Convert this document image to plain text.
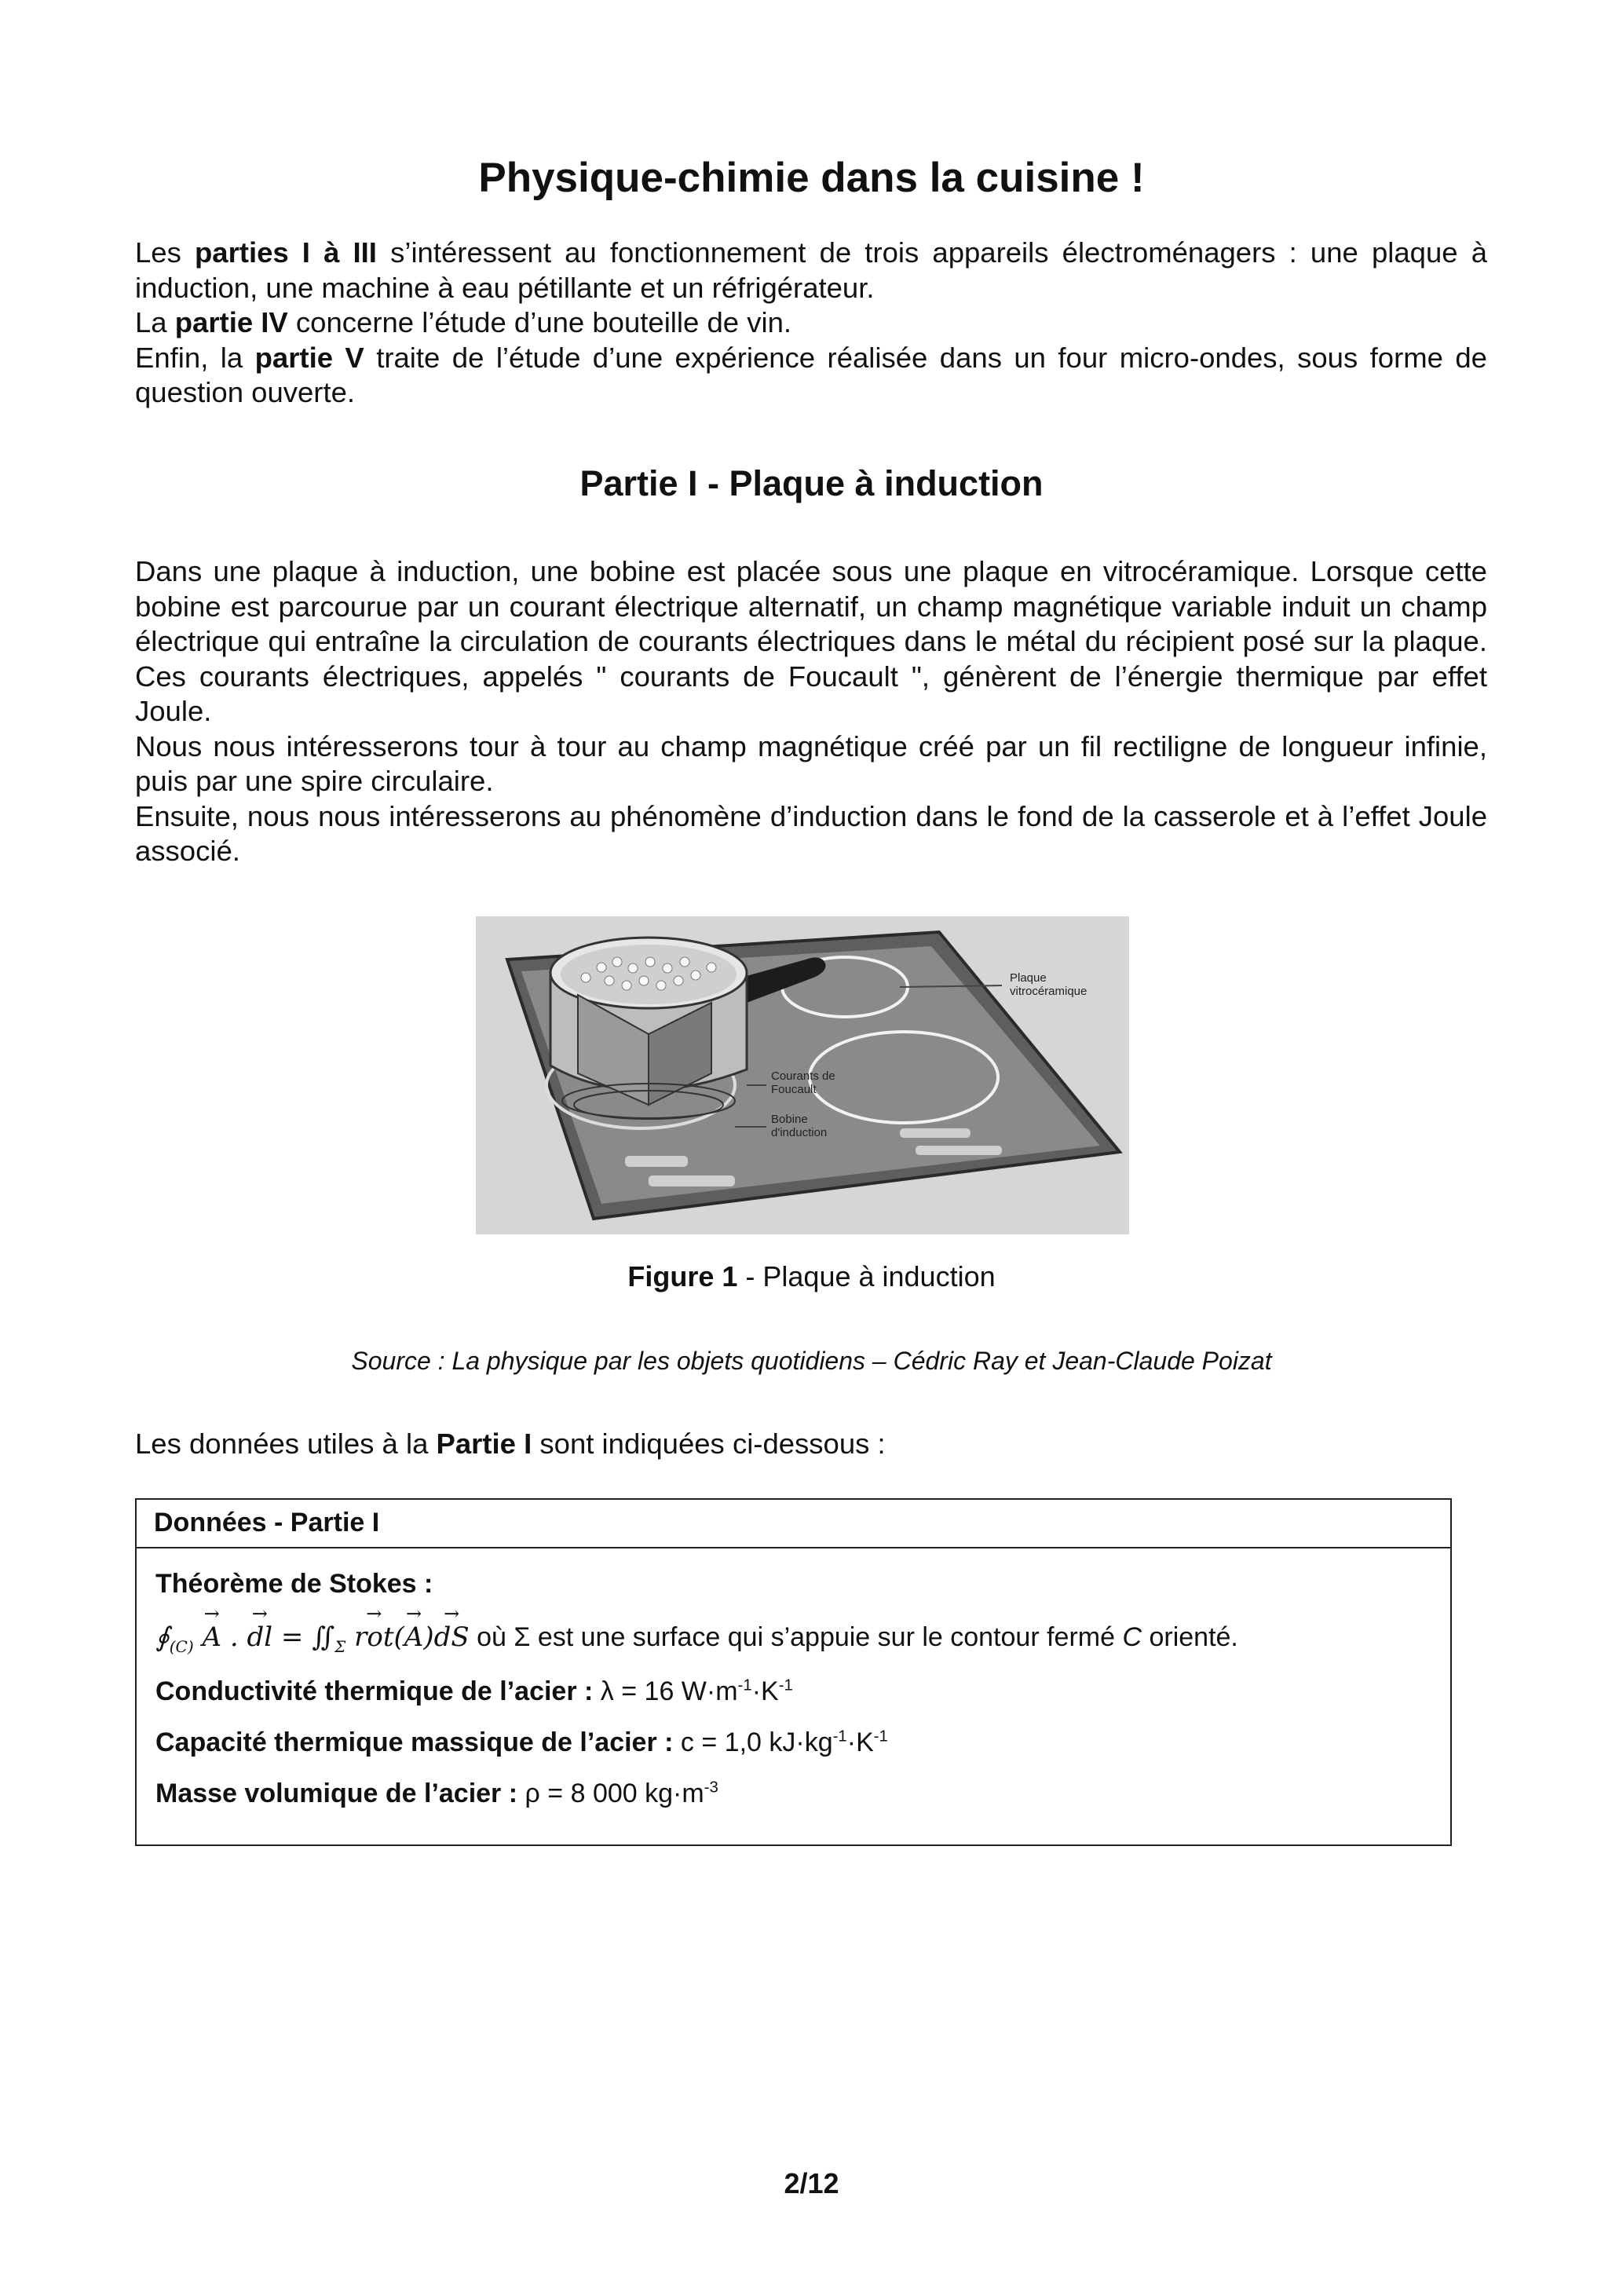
Physique-chimie dans la cuisine !

Les parties I à III s’intéressent au fonctionnement de trois appareils électroménagers : une plaque à induction, une machine à eau pétillante et un réfrigérateur.

La partie IV concerne l’étude d’une bouteille de vin.

Enfin, la partie V traite de l’étude d’une expérience réalisée dans un four micro-ondes, sous forme de question ouverte.

Partie I - Plaque à induction

Dans une plaque à induction, une bobine est placée sous une plaque en vitrocéramique. Lorsque cette bobine est parcourue par un courant électrique alternatif, un champ magnétique variable induit un champ électrique qui entraîne la circulation de courants électriques dans le métal du récipient posé sur la plaque. Ces courants électriques, appelés " courants de Foucault ", génèrent de l’énergie thermique par effet Joule.

Nous nous intéresserons tour à tour au champ magnétique créé par un fil rectiligne de longueur infinie, puis par une spire circulaire.

Ensuite, nous nous intéresserons au phénomène d’induction dans le fond de la casserole et à l’effet Joule associé.

Plaque
vitrocéramique
Courants de
Foucault
Bobine
d'induction
Figure 1 - Plaque à induction
Source : La physique par les objets quotidiens – Cédric Ray et Jean-Claude Poizat
Les données utiles à la Partie I sont indiquées ci-dessous :
Données - Partie I
Théorème de Stokes :
$∮_{(C)} \to A$ . → dl = $∬_\Sigma \to rot(\to A)\to$ dS où Σ est une surface qui s’appuie sur le contour fermé C orienté.
Conductivité thermique de l’acier : λ = 16 $W\cdot m^{-1}\cdot K^{-1}$
Capacité thermique massique de l’acier : c = 1,0 $kJ\cdot kg^{-1}\cdot K^{-1}$
Masse volumique de l’acier : ρ = 8 000 $kg\cdot m^{-3}$
2/12
